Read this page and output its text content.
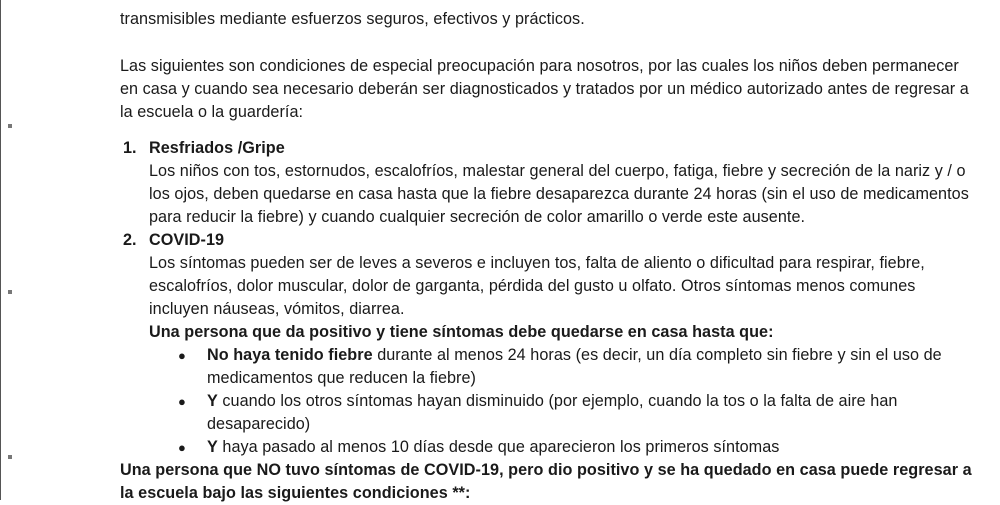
transmisibles mediante esfuerzos seguros, efectivos y prácticos.
Las siguientes son condiciones de especial preocupación para nosotros, por las cuales los niños deben permanecer
en casa y cuando sea necesario deberán ser diagnosticados y tratados por un médico autorizado antes de regresar a
la escuela o la guardería:
1. Resfriados /Gripe
Los niños con tos, estornudos, escalofríos, malestar general del cuerpo, fatiga, fiebre y secreción de la nariz y / o
los ojos, deben quedarse en casa hasta que la fiebre desaparezca durante 24 horas (sin el uso de medicamentos
para reducir la fiebre) y cuando cualquier secreción de color amarillo o verde este ausente.
2. COVID-19
Los síntomas pueden ser de leves a severos e incluyen tos, falta de aliento o dificultad para respirar, fiebre,
escalofríos, dolor muscular, dolor de garganta, pérdida del gusto u olfato. Otros síntomas menos comunes
incluyen náuseas, vómitos, diarrea.
Una persona que da positivo y tiene síntomas debe quedarse en casa hasta que:
● No haya tenido fiebre durante al menos 24 horas (es decir, un día completo sin fiebre y sin el uso de
medicamentos que reducen la fiebre)
● Y cuando los otros síntomas hayan disminuido (por ejemplo, cuando la tos o la falta de aire han
desaparecido)
● Y haya pasado al menos 10 días desde que aparecieron los primeros síntomas
Una persona que NO tuvo síntomas de COVID-19, pero dio positivo y se ha quedado en casa puede regresar a
la escuela bajo las siguientes condiciones **:
